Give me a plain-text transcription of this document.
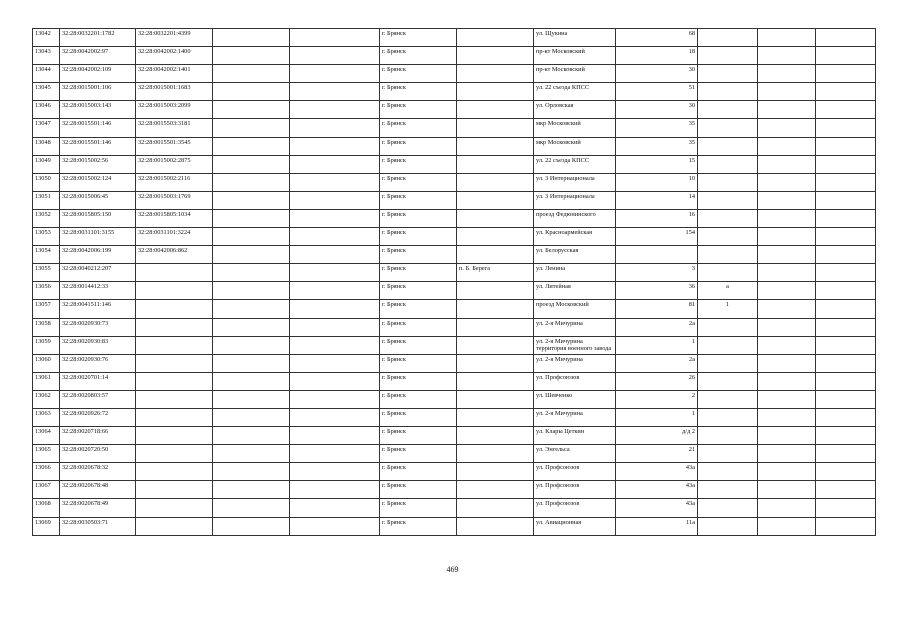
13042	32:28:0032201:1782	32:28:0032201:4399			г. Брянск		ул. Щукина	68			
13043	32:28:0042002:97	32:28:0042002:1400			г. Брянск		пр-кт Московский	18			
13044	32:28:0042002:109	32:28:0042002:1401			г. Брянск		пр-кт Московский	30			
13045	32:28:0015001:106	32:28:0015001:1683			г. Брянск		ул. 22 съезда КПСС	51			
13046	32:28:0015003:143	32:28:0015003:2099			г. Брянск		ул. Орловская	30			
13047	32:28:0015501:146	32:28:0015503:3181			г. Брянск		мкр Московский	35			
13048	32:28:0015501:146	32:28:0015501:3545			г. Брянск		мкр Московский	35			
13049	32:28:0015002:56	32:28:0015002:2875			г. Брянск		ул. 22 съезда КПСС	15			
13050	32:28:0015002:124	32:28:0015002:2116			г. Брянск		ул. 3 Интернационала	10			
13051	32:28:0015006:45	32:28:0015003:1769			г. Брянск		ул. 3 Интернационала	14			
13052	32:28:0015805:150	32:28:0015805:1034			г. Брянск		проезд Федюнинского	16			
13053	32:28:0031101:3155	32:28:0031101:3224			г. Брянск		ул. Красноармейская	154			
13054	32:28:0042006:199	32:28:0042006:862			г. Брянск		ул. Белорусская				
13055	32:28:0040212:207				г. Брянск	п. Б. Берега	ул. Ленина	3			
13056	32:28:0014412:33				г. Брянск		ул. Литейная	36	а		
13057	32:28:0041511:146				г. Брянск		проезд Московский	81	1		
13058	32:28:0020930:73				г. Брянск		ул. 2-я Мичурина	2а			
13059	32:28:0020930:83				г. Брянск		ул. 2-я Мичурина территория военного завода	1			
13060	32:28:0020930:76				г. Брянск		ул. 2-я Мичурина	2а			
13061	32:28:0020701:14				г. Брянск		ул. Профсоюзов	26			
13062	32:28:0020803:57				г. Брянск		ул. Шевченко	2			
13063	32:28:0020926:72				г. Брянск		ул. 2-я Мичурина	1			
13064	32:28:0020718:66				г. Брянск		ул. Клары Цеткин	д/д 2			
13065	32:28:0020720:50				г. Брянск		ул. Энгельса	21			
13066	32:28:0020678:32				г. Брянск		ул. Профсоюзов	43а			
13067	32:28:0020678:48				г. Брянск		ул. Профсоюзов	43а			
13068	32:28:0020678:49				г. Брянск		ул. Профсоюзов	43а			
13069	32:28:0030503:71				г. Брянск		ул. Авиационная	11а			
469
